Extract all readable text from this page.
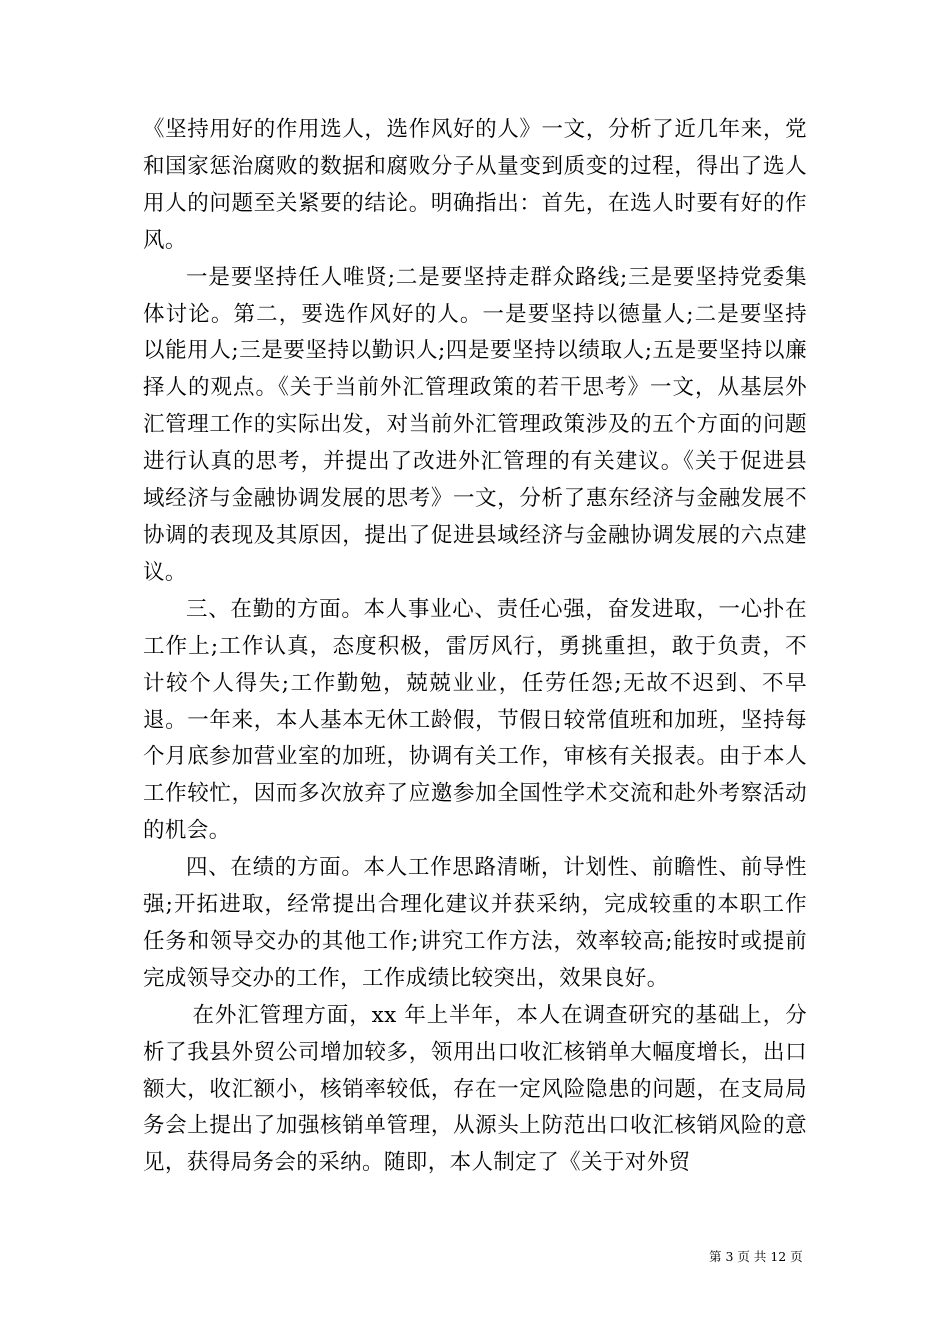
《坚持用好的作用选人，选作风好的人》一文，分析了近几年来，党和国家惩治腐败的数据和腐败分子从量变到质变的过程，得出了选人用人的问题至关紧要的结论。明确指出：首先，在选人时要有好的作风。

一是要坚持任人唯贤;二是要坚持走群众路线;三是要坚持党委集体讨论。第二，要选作风好的人。一是要坚持以德量人;二是要坚持以能用人;三是要坚持以勤识人;四是要坚持以绩取人;五是要坚持以廉择人的观点。《关于当前外汇管理政策的若干思考》一文，从基层外汇管理工作的实际出发，对当前外汇管理政策涉及的五个方面的问题进行认真的思考，并提出了改进外汇管理的有关建议。《关于促进县域经济与金融协调发展的思考》一文，分析了惠东经济与金融发展不协调的表现及其原因，提出了促进县域经济与金融协调发展的六点建议。

三、在勤的方面。本人事业心、责任心强，奋发进取，一心扑在工作上;工作认真，态度积极，雷厉风行，勇挑重担，敢于负责，不计较个人得失;工作勤勉，兢兢业业，任劳任怨;无故不迟到、不早退。一年来，本人基本无休工龄假，节假日较常值班和加班，坚持每个月底参加营业室的加班，协调有关工作，审核有关报表。由于本人工作较忙，因而多次放弃了应邀参加全国性学术交流和赴外考察活动的机会。

四、在绩的方面。本人工作思路清晰，计划性、前瞻性、前导性强;开拓进取，经常提出合理化建议并获采纳，完成较重的本职工作任务和领导交办的其他工作;讲究工作方法，效率较高;能按时或提前完成领导交办的工作，工作成绩比较突出，效果良好。

在外汇管理方面，xx 年上半年，本人在调查研究的基础上，分析了我县外贸公司增加较多，领用出口收汇核销单大幅度增长，出口额大，收汇额小，核销率较低，存在一定风险隐患的问题，在支局局务会上提出了加强核销单管理，从源头上防范出口收汇核销风险的意见，获得局务会的采纳。随即，本人制定了《关于对外贸

第 3 页 共 12 页
